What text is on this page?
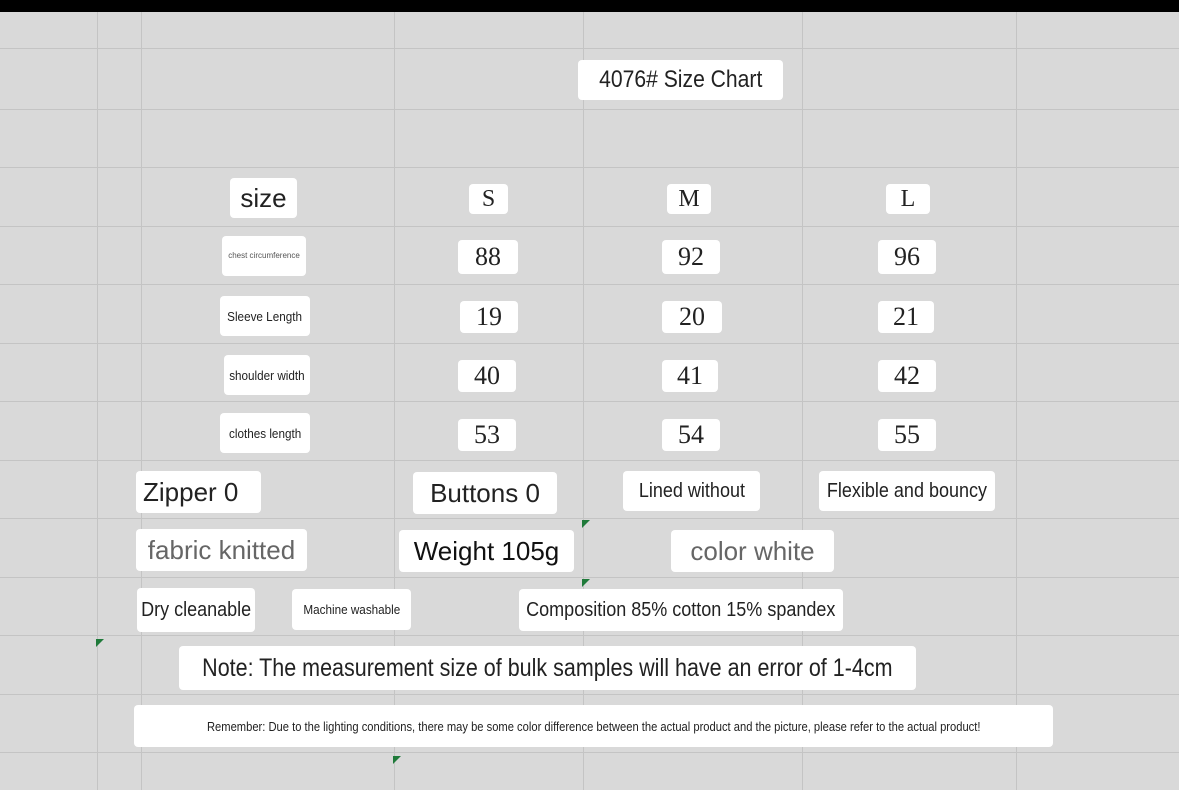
4076# Size Chart
size	S	M	L
chest circumference	88	92	96
Sleeve Length	19	20	21
shoulder width	40	41	42
clothes length	53	54	55
Zipper 0	Buttons 0	Lined without	Flexible and bouncy
fabric knitted	Weight 105g	color white
Dry cleanable	Machine washable	Composition 85% cotton 15% spandex
Note: The measurement size of bulk samples will have an error of 1-4cm
Remember: Due to the lighting conditions, there may be some color difference between the actual product and the picture, please refer to the actual product!
